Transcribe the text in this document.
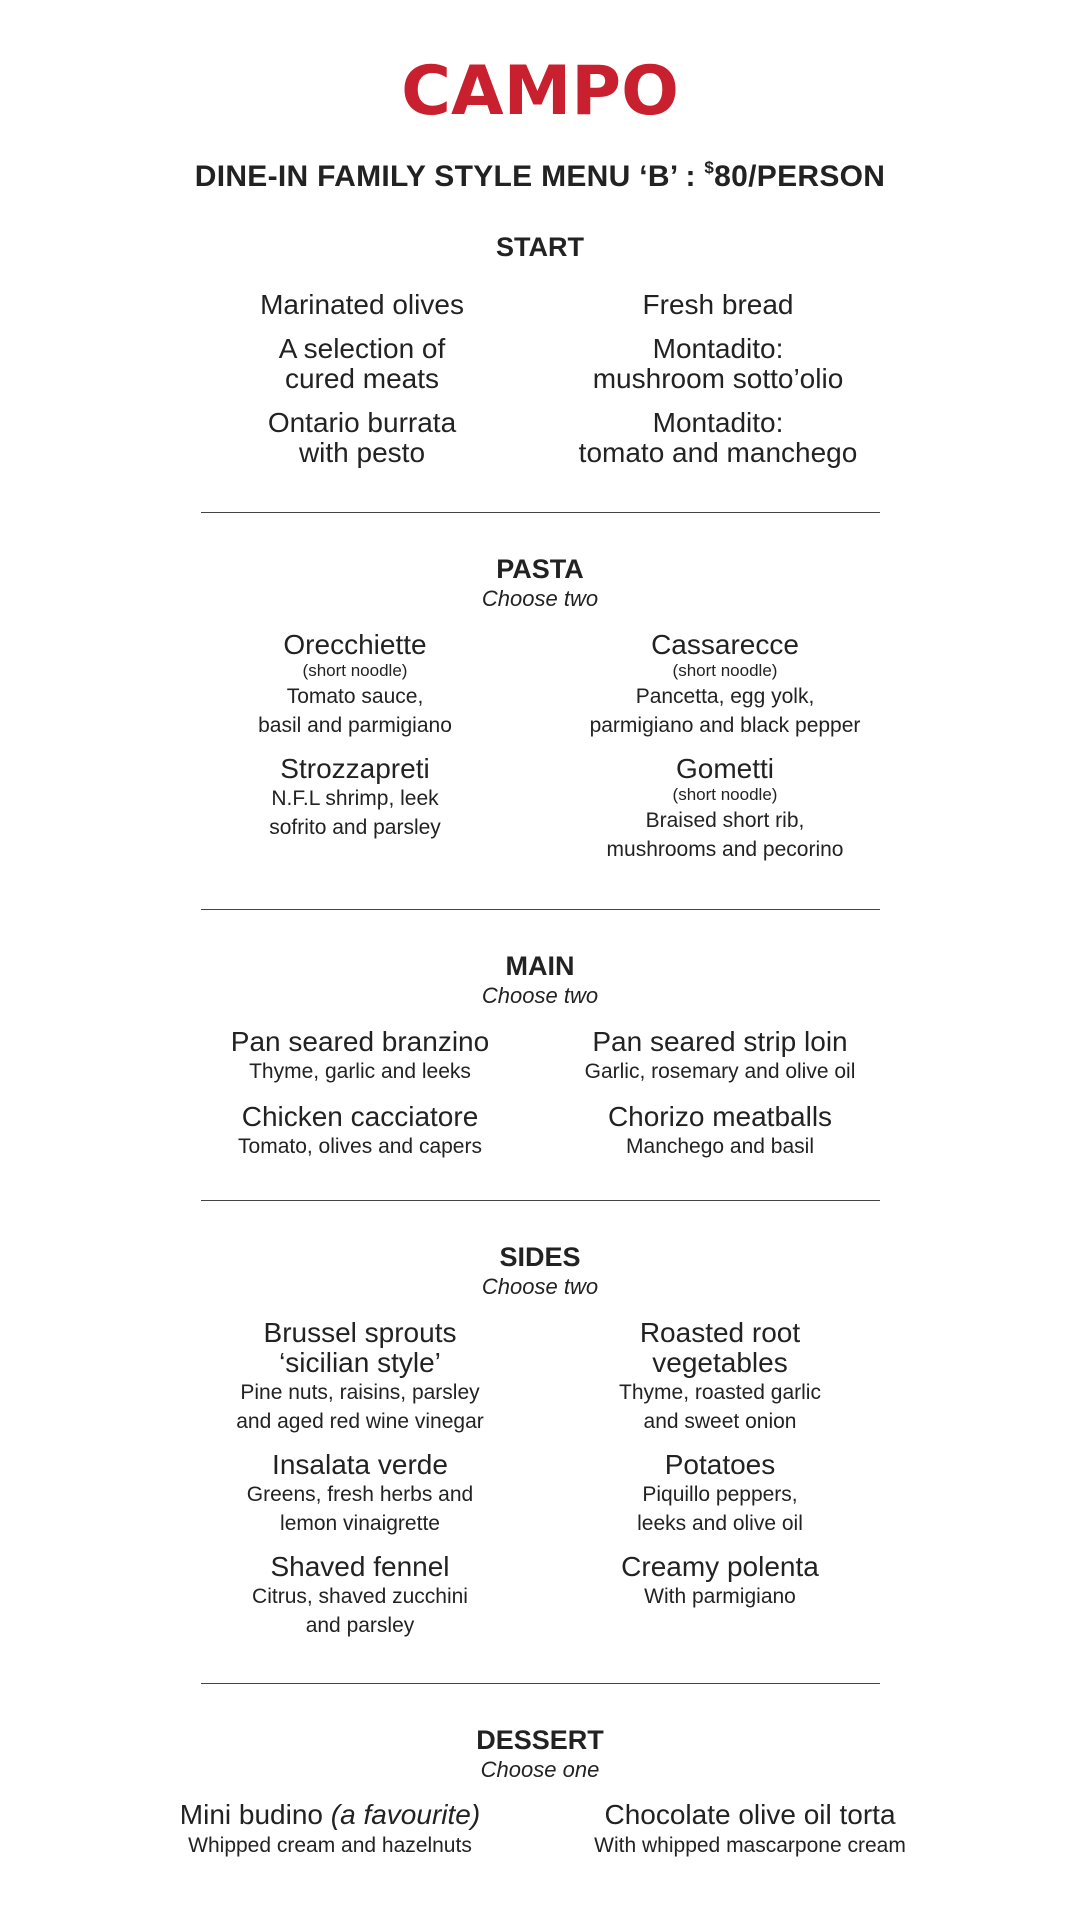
CAMPO
DINE-IN FAMILY STYLE MENU ‘B’ : $80/PERSON
START
Marinated olives
A selection of
cured meats
Ontario burrata
with pesto
Fresh bread
Montadito:
mushroom sotto’olio
Montadito:
tomato and manchego
PASTA
Choose two
Orecchiette
(short noodle)
Tomato sauce,
basil and parmigiano
Strozzapreti
N.F.L shrimp, leek
sofrito and parsley
Cassarecce
(short noodle)
Pancetta, egg yolk,
parmigiano and black pepper
Gometti
(short noodle)
Braised short rib,
mushrooms and pecorino
MAIN
Choose two
Pan seared branzino
Thyme, garlic and leeks
Chicken cacciatore
Tomato, olives and capers
Pan seared strip loin
Garlic, rosemary and olive oil
Chorizo meatballs
Manchego and basil
SIDES
Choose two
Brussel sprouts
‘sicilian style’
Pine nuts, raisins, parsley
and aged red wine vinegar
Insalata verde
Greens, fresh herbs and
lemon vinaigrette
Shaved fennel
Citrus, shaved zucchini
and parsley
Roasted root
vegetables
Thyme, roasted garlic
and sweet onion
Potatoes
Piquillo peppers,
leeks and olive oil
Creamy polenta
With parmigiano
DESSERT
Choose one
Mini budino (a favourite)
Whipped cream and hazelnuts
Chocolate olive oil torta
With whipped mascarpone cream
